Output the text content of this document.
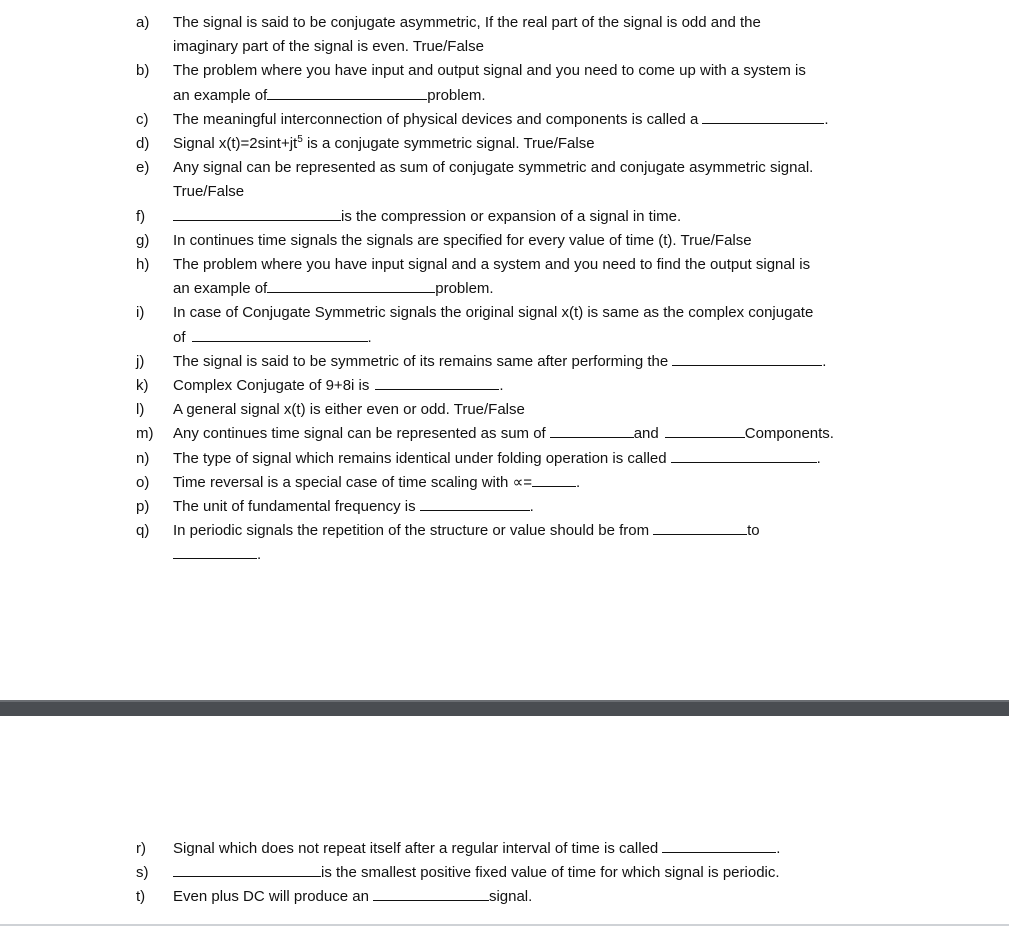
a)	The signal is said to be conjugate asymmetric, If the real part of the signal is odd and the
imaginary part of the signal is even. True/False
b)	The problem where you have input and output signal and you need to come up with a system is
an example of	problem.
c)	The meaningful interconnection of physical devices and components is called a	.
d)	Signal $x(t)=2\sin t+jt^5$ is a conjugate symmetric signal. True/False
e)	Any signal can be represented as sum of conjugate symmetric and conjugate asymmetric signal.
True/False
f)	is the compression or expansion of a signal in time.
g)	In continues time signals the signals are specified for every value of time (t). True/False
h)	The problem where you have input signal and a system and you need to find the output signal is
an example of	problem.
i)	In case of Conjugate Symmetric signals the original signal x(t) is same as the complex conjugate
of	.
j)	The signal is said to be symmetric of its remains same after performing the	.
k)	Complex Conjugate of 9+8i is	.
l)	A general signal x(t) is either even or odd. True/False
m)	Any continues time signal can be represented as sum of	and	Components.
n)	The type of signal which remains identical under folding operation is called	.
o)	Time reversal is a special case of time scaling with ∝=	.
p)	The unit of fundamental frequency is	.
q)	In periodic signals the repetition of the structure or value should be from	to
.
r)	Signal which does not repeat itself after a regular interval of time is called	.
s)	is the smallest positive fixed value of time for which signal is periodic.
t)	Even plus DC will produce an	signal.
